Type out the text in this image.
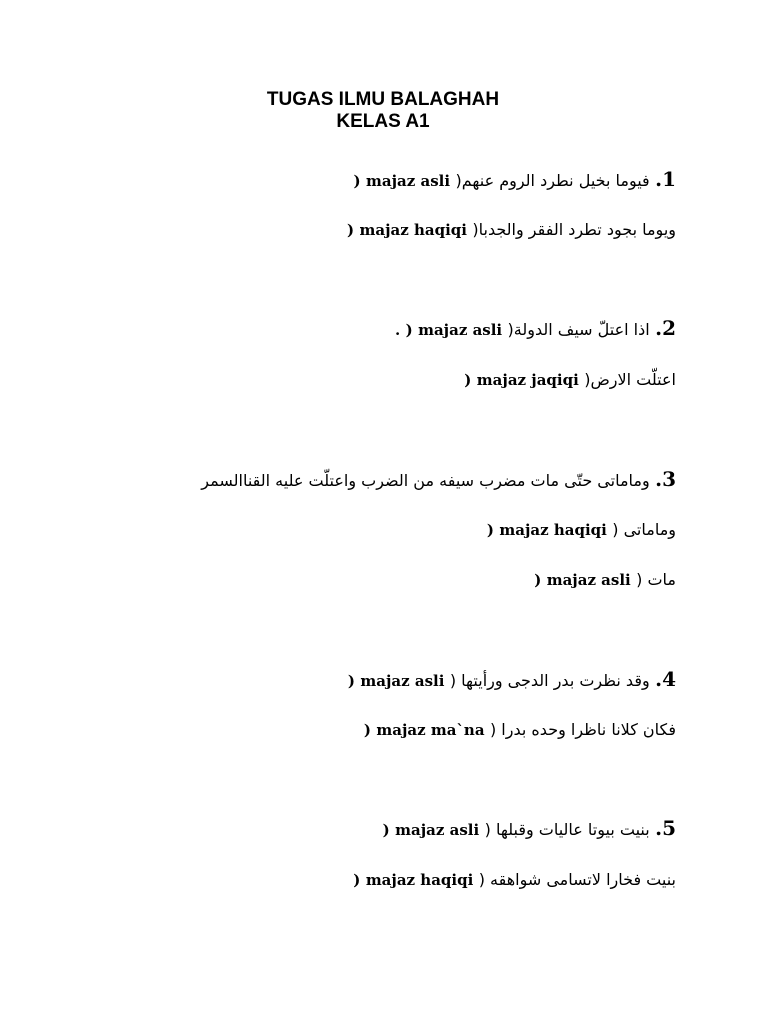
TUGAS ILMU BALAGHAH
KELAS A1
1. فيوما بخيل نطرد الروم عنهم( majaz asli (
ويوما بجود تطرد الفقر والجدبا( majaz haqiqi (
2. اذا اعتلّ سيف الدولة( majaz asli ( .
اعتلّت الارض( majaz jaqiqi (
3. وماماتى حتّى مات مضرب سيفه من الضرب واعتلّت عليه القناالسمر
وماماتى ( majaz haqiqi (
مات ( majaz asli (
4. وقد نظرت بدر الدجى ورأيتها ( majaz asli (
فكان كلانا ناظرا وحده بدرا ( majaz ma`na (
5. بنيت بيوتا عاليات وقبلها ( majaz asli (
بنيت فخارا لاتسامى شواهقه ( majaz haqiqi (
